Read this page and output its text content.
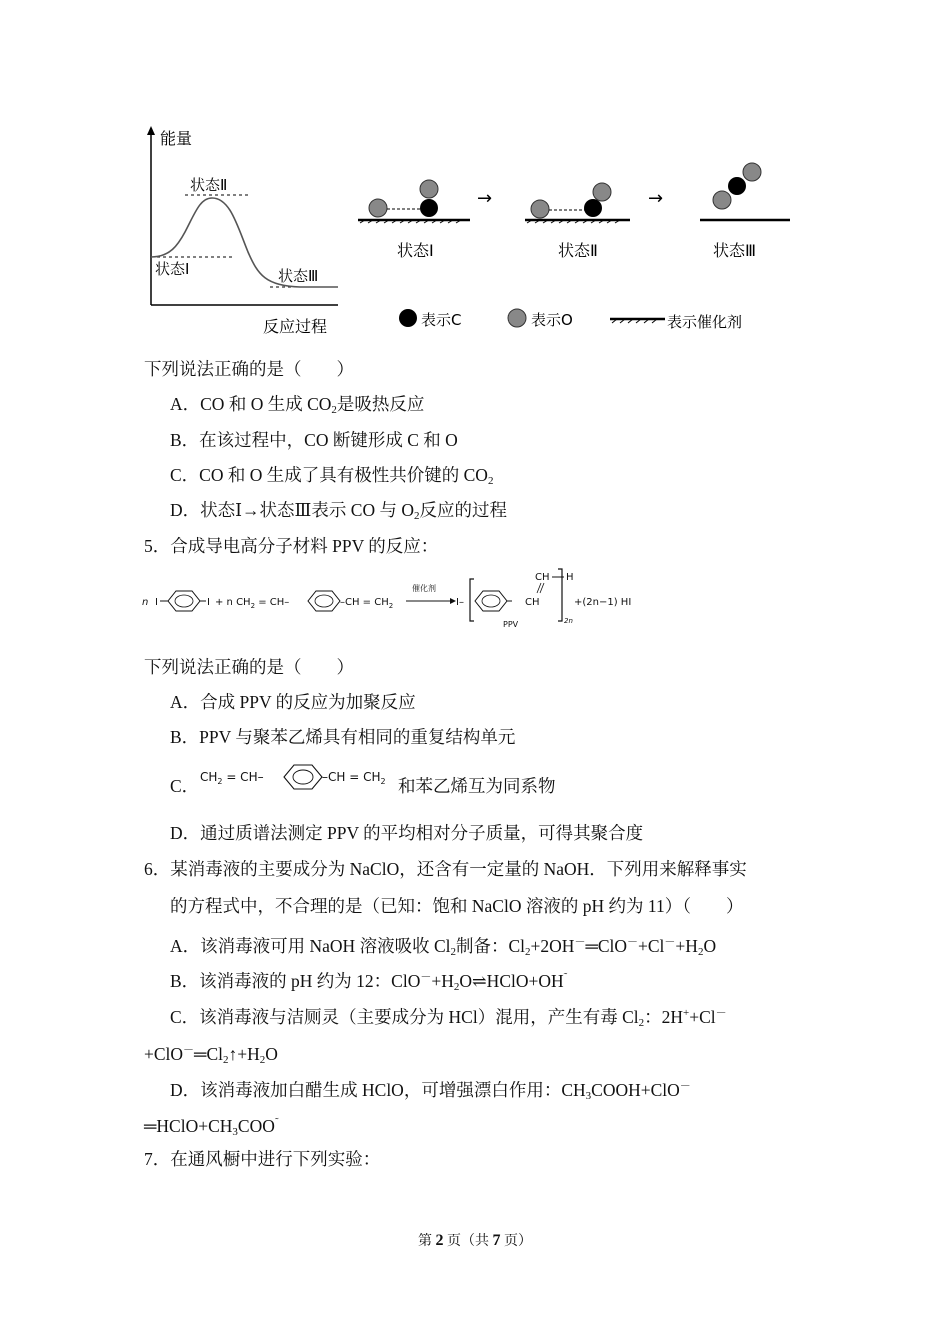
能量
反应过程
状态Ⅱ
状态Ⅰ	状态Ⅲ
状态Ⅰ
→
状态Ⅱ
→
状态Ⅲ
表示C	表示O	表示催化剂
下列说法正确的是（　　）
A．CO 和 O 生成 $CO_2$是吸热反应
B．在该过程中，CO 断键形成 C 和 O
C．CO 和 O 生成了具有极性共价键的 $CO_2$
D．状态Ⅰ→状态Ⅲ表示 CO 与 $O_2$反应的过程
5．合成导电高分子材料 PPV 的反应：
n I	I + n $CH_2 = CH-$	$-CH = CH_2$
催化剂
I–
CH H
CH
2n
+(2n−1) HI
PPV
下列说法正确的是（　　）
A．合成 PPV 的反应为加聚反应
B．PPV 与聚苯乙烯具有相同的重复结构单元
C． $CH_2 = CH-$	$-CH = CH_2$ 和苯乙烯互为同系物
D．通过质谱法测定 PPV 的平均相对分子质量，可得其聚合度
6．某消毒液的主要成分为 NaClO，还含有一定量的 NaOH．下列用来解释事实
的方程式中，不合理的是（已知：饱和 NaClO 溶液的 pH 约为 11）（　　）
A．该消毒液可用 NaOH 溶液吸收 $Cl_2$制备：$Cl_2+2OH^-═ClO^-+Cl^-+H_2O$
B．该消毒液的 pH 约为 12：$ClO^-+H_2O\rightleftharpoons HClO+OH^˜$
C．该消毒液与洁厕灵（主要成分为 HCl）混用，产生有毒 $Cl_2$：2H++Cl－
$+ClO^-═Cl_2↑+H_2O$
D．该消毒液加白醋生成 HClO，可增强漂白作用：$CH_3COOH+ClO^-$
$═HClO+CH_3COO^˜$
7．在通风橱中进行下列实验：
第 2 页（共 7 页）
